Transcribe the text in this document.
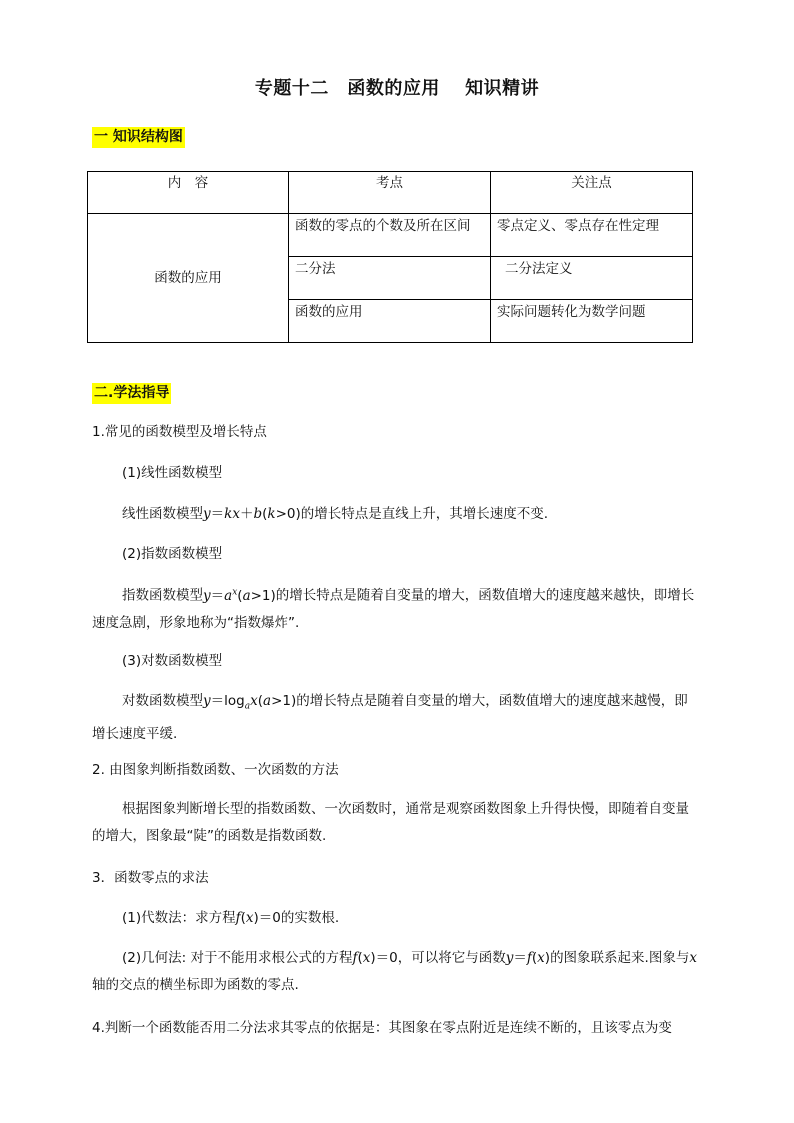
专题十二　函数的应用　 知识精讲
一 知识结构图
内　容	考点	关注点
函数的应用	函数的零点的个数及所在区间	零点定义、零点存在性定理
	二分法	二分法定义
	函数的应用	实际问题转化为数学问题
二.学法指导
1.常见的函数模型及增长特点
(1)线性函数模型
线性函数模型y＝kx＋b(k>0)的增长特点是直线上升，其增长速度不变.
(2)指数函数模型
指数函数模型$y=a^x(a>1)$的增长特点是随着自变量的增大，函数值增大的速度越来越快，即增长速度急剧，形象地称为“指数爆炸”.
(3)对数函数模型
对数函数模型$y=\log_ax(a>1)$的增长特点是随着自变量的增大，函数值增大的速度越来越慢，即增长速度平缓.
2. 由图象判断指数函数、一次函数的方法
根据图象判断增长型的指数函数、一次函数时，通常是观察函数图象上升得快慢，即随着自变量的增大，图象最“陡”的函数是指数函数.
3．函数零点的求法
(1)代数法：求方程f(x)＝0的实数根.
(2)几何法: 对于不能用求根公式的方程f(x)＝0，可以将它与函数y＝f(x)的图象联系起来.图象与x轴的交点的横坐标即为函数的零点.
4.判断一个函数能否用二分法求其零点的依据是：其图象在零点附近是连续不断的，且该零点为变
